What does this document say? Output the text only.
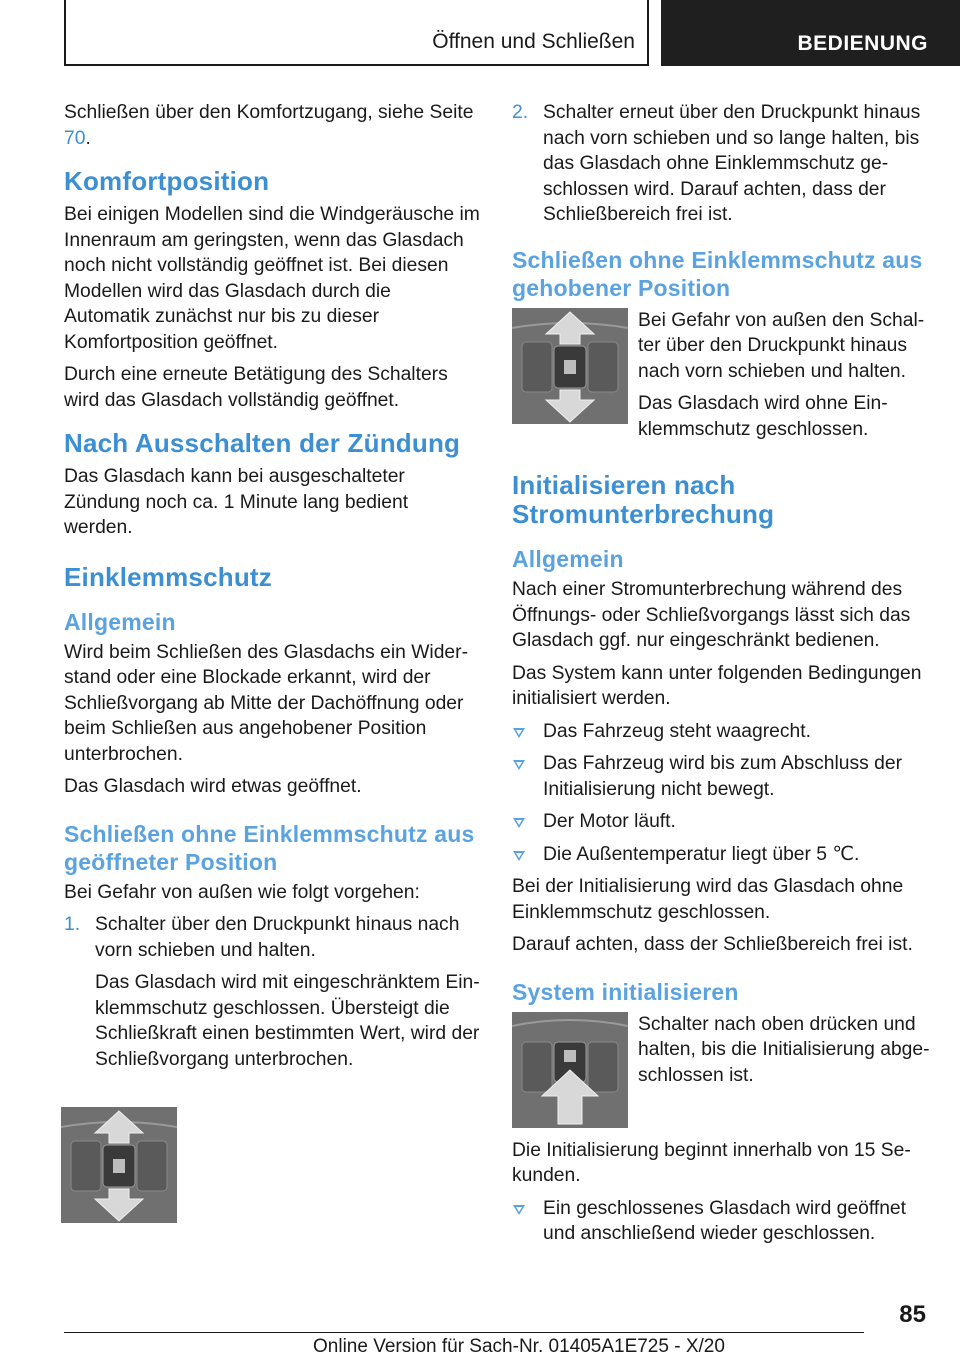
Öffnen und Schließen	BEDIENUNG

Schließen über den Komfortzugang, siehe Seite 70.

Komfortposition

Bei einigen Modellen sind die Windgeräusche im Innenraum am geringsten, wenn das Glasdach noch nicht vollständig geöffnet ist. Bei diesen Modellen wird das Glasdach durch die Automatik zunächst nur bis zu dieser Komfortposition geöffnet.

Durch eine erneute Betätigung des Schalters wird das Glasdach vollständig geöffnet.

Nach Ausschalten der Zündung

Das Glasdach kann bei ausgeschalteter Zündung noch ca. 1 Minute lang bedient werden.

Einklemmschutz
Allgemein

Wird beim Schließen des Glasdachs ein Widerstand oder eine Blockade erkannt, wird der Schließvorgang ab Mitte der Dachöffnung oder beim Schließen aus angehobener Position unterbrochen.

Das Glasdach wird etwas geöffnet.

Schließen ohne Einklemmschutz aus geöffneter Position

Bei Gefahr von außen wie folgt vorgehen:

1. Schalter über den Druckpunkt hinaus nach vorn schieben und halten.

Das Glasdach wird mit eingeschränktem Einklemmschutz geschlossen. Übersteigt die Schließkraft einen bestimmten Wert, wird der Schließvorgang unterbrochen.

2. Schalter erneut über den Druckpunkt hinaus nach vorn schieben und so lange halten, bis das Glasdach ohne Einklemmschutz geschlossen wird. Darauf achten, dass der Schließbereich frei ist.
Schließen ohne Einklemmschutz aus gehobener Position

Bei Gefahr von außen den Schalter über den Druckpunkt hinaus nach vorn schieben und halten.

Das Glasdach wird ohne Einklemmschutz geschlossen.

Initialisieren nach Stromunterbrechung
Allgemein

Nach einer Stromunterbrechung während des Öffnungs- oder Schließvorgangs lässt sich das Glasdach ggf. nur eingeschränkt bedienen.

Das System kann unter folgenden Bedingungen initialisiert werden.

Das Fahrzeug steht waagrecht.
Das Fahrzeug wird bis zum Abschluss der Initialisierung nicht bewegt.
Der Motor läuft.
Die Außentemperatur liegt über 5 ℃.

Bei der Initialisierung wird das Glasdach ohne Einklemmschutz geschlossen.

Darauf achten, dass der Schließbereich frei ist.

System initialisieren

Schalter nach oben drücken und halten, bis die Initialisierung abgeschlossen ist.

Die Initialisierung beginnt innerhalb von 15 Sekunden.

Ein geschlossenes Glasdach wird geöffnet und anschließend wieder geschlossen.
85
Online Version für Sach-Nr. 01405A1E725 - X/20
